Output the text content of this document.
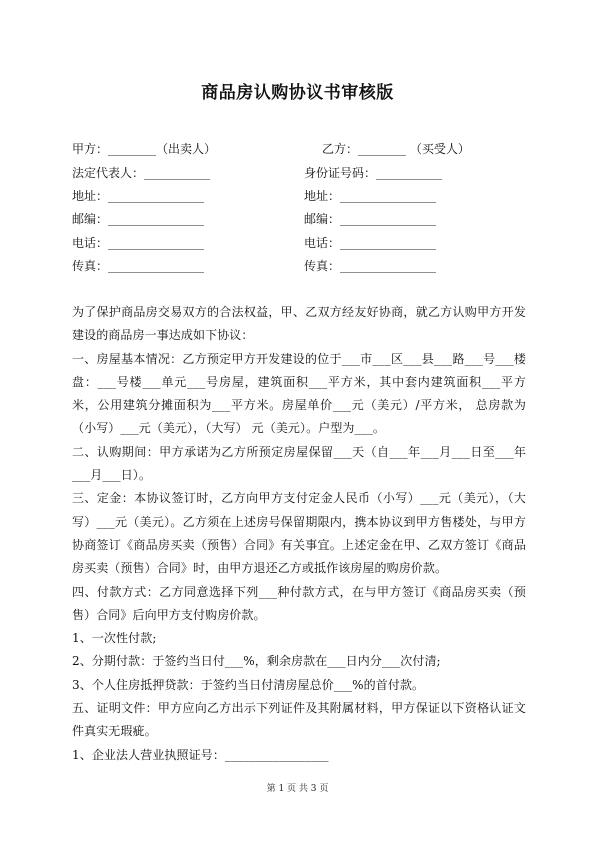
商品房认购协议书审核版
甲方：________（出卖人）	乙方：________ （买受人）
法定代表人：___________	身份证号码：___________
地址：________________	地址：________________
邮编：________________	邮编：________________
电话：________________	电话：________________
传真：________________	传真：________________

为了保护商品房交易双方的合法权益，甲、乙双方经友好协商，就乙方认购甲方开发建设的商品房一事达成如下协议：

一、房屋基本情况：乙方预定甲方开发建设的位于___市___区___县___路___号___楼盘：___号楼___单元___号房屋，建筑面积___平方米，其中套内建筑面积___平方米，公用建筑分摊面积为___平方米。房屋单价___元（美元）/平方米， 总房款为（小写）___元（美元），（大写） 元（美元）。户型为___。

二、认购期间：甲方承诺为乙方所预定房屋保留___天（自___年___月___日至___年___月___日）。

三、定金：本协议签订时，乙方向甲方支付定金人民币（小写）___元（美元），（大写）___元（美元）。乙方须在上述房号保留期限内，携本协议到甲方售楼处，与甲方协商签订《商品房买卖（预售）合同》有关事宜。上述定金在甲、乙双方签订《商品房买卖（预售）合同》时，由甲方退还乙方或抵作该房屋的购房价款。

四、付款方式：乙方同意选择下列___种付款方式，在与甲方签订《商品房买卖（预售）合同》后向甲方支付购房价款。

1、一次性付款;

2、分期付款：于签约当日付___%，剩余房款在___日内分___次付清;

3、个人住房抵押贷款：于签约当日付清房屋总价___%的首付款。

五、证明文件：甲方应向乙方出示下列证件及其附属材料，甲方保证以下资格认证文件真实无瑕疵。

1、企业法人营业执照证号：_________________

第 1 页 共 3 页
